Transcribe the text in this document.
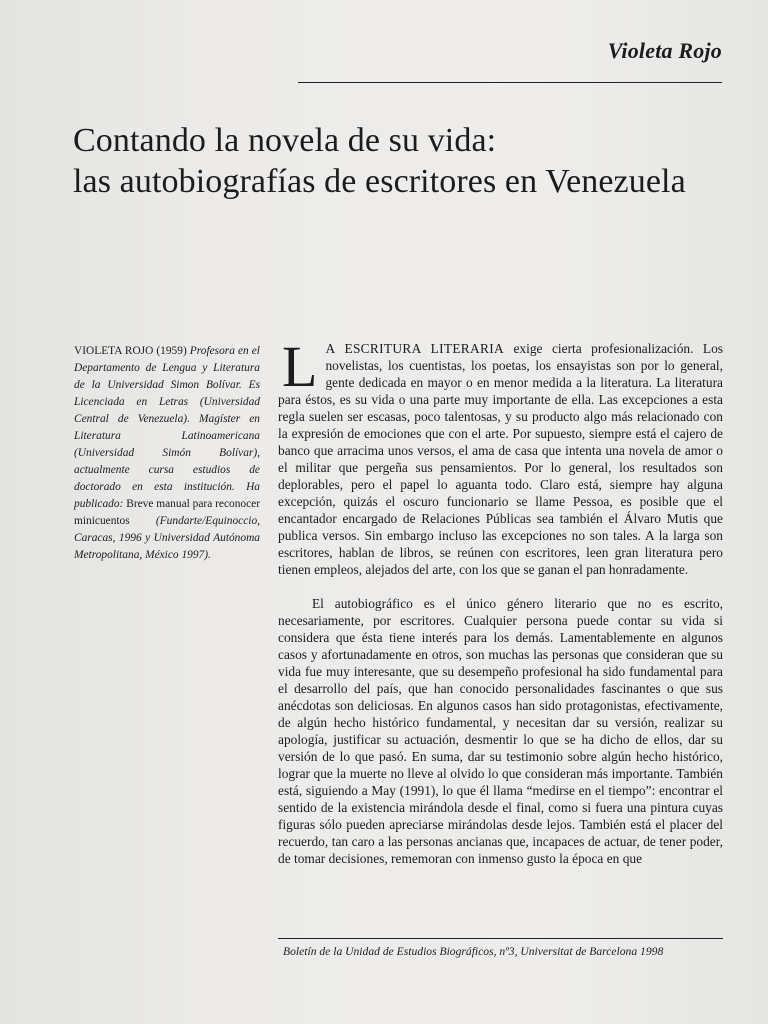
Violeta Rojo
Contando la novela de su vida:
las autobiografías de escritores en Venezuela
VIOLETA ROJO (1959) Profesora en el Departamento de Lengua y Literatura de la Universidad Simon Bolívar. Es Licenciada en Letras (Universidad Central de Venezuela). Magíster en Literatura Latinoamericana (Universidad Simón Bolívar), actualmente cursa estudios de doctorado en esta institución. Ha publicado: Breve manual para reconocer minicuentos (Fundarte/Equinoccio, Caracas, 1996 y Universidad Autónoma Metropolitana, México 1997).

L A ESCRITURA LITERARIA exige cierta profesionalización. Los novelistas, los cuentistas, los poetas, los ensayistas son por lo general, gente dedicada en mayor o en menor medida a la literatura. La literatura para éstos, es su vida o una parte muy importante de ella. Las excepciones a esta regla suelen ser escasas, poco talentosas, y su producto algo más relacionado con la expresión de emociones que con el arte. Por supuesto, siempre está el cajero de banco que arracima unos versos, el ama de casa que intenta una novela de amor o el militar que pergeña sus pensamientos. Por lo general, los resultados son deplorables, pero el papel lo aguanta todo. Claro está, siempre hay alguna excepción, quizás el oscuro funcionario se llame Pessoa, es posible que el encantador encargado de Relaciones Públicas sea también el Álvaro Mutis que publica versos. Sin embargo incluso las excepciones no son tales. A la larga son escritores, hablan de libros, se reúnen con escritores, leen gran literatura pero tienen empleos, alejados del arte, con los que se ganan el pan honradamente.

El autobiográfico es el único género literario que no es escrito, necesariamente, por escritores. Cualquier persona puede contar su vida si considera que ésta tiene interés para los demás. Lamentablemente en algunos casos y afortunadamente en otros, son muchas las personas que consideran que su vida fue muy interesante, que su desempeño profesional ha sido fundamental para el desarrollo del país, que han conocido personalidades fascinantes o que sus anécdotas son deliciosas. En algunos casos han sido protagonistas, efectivamente, de algún hecho histórico fundamental, y necesitan dar su versión, realizar su apología, justificar su actuación, desmentir lo que se ha dicho de ellos, dar su versión de lo que pasó. En suma, dar su testimonio sobre algún hecho histórico, lograr que la muerte no lleve al olvido lo que consideran más importante. También está, siguiendo a May (1991), lo que él llama “medirse en el tiempo”: encontrar el sentido de la existencia mirándola desde el final, como si fuera una pintura cuyas figuras sólo pueden apreciarse mirándolas desde lejos. También está el placer del recuerdo, tan caro a las personas ancianas que, incapaces de actuar, de tener poder, de tomar decisiones, rememoran con inmenso gusto la época en que

Boletín de la Unidad de Estudios Biográficos, nº3, Universitat de Barcelona 1998
